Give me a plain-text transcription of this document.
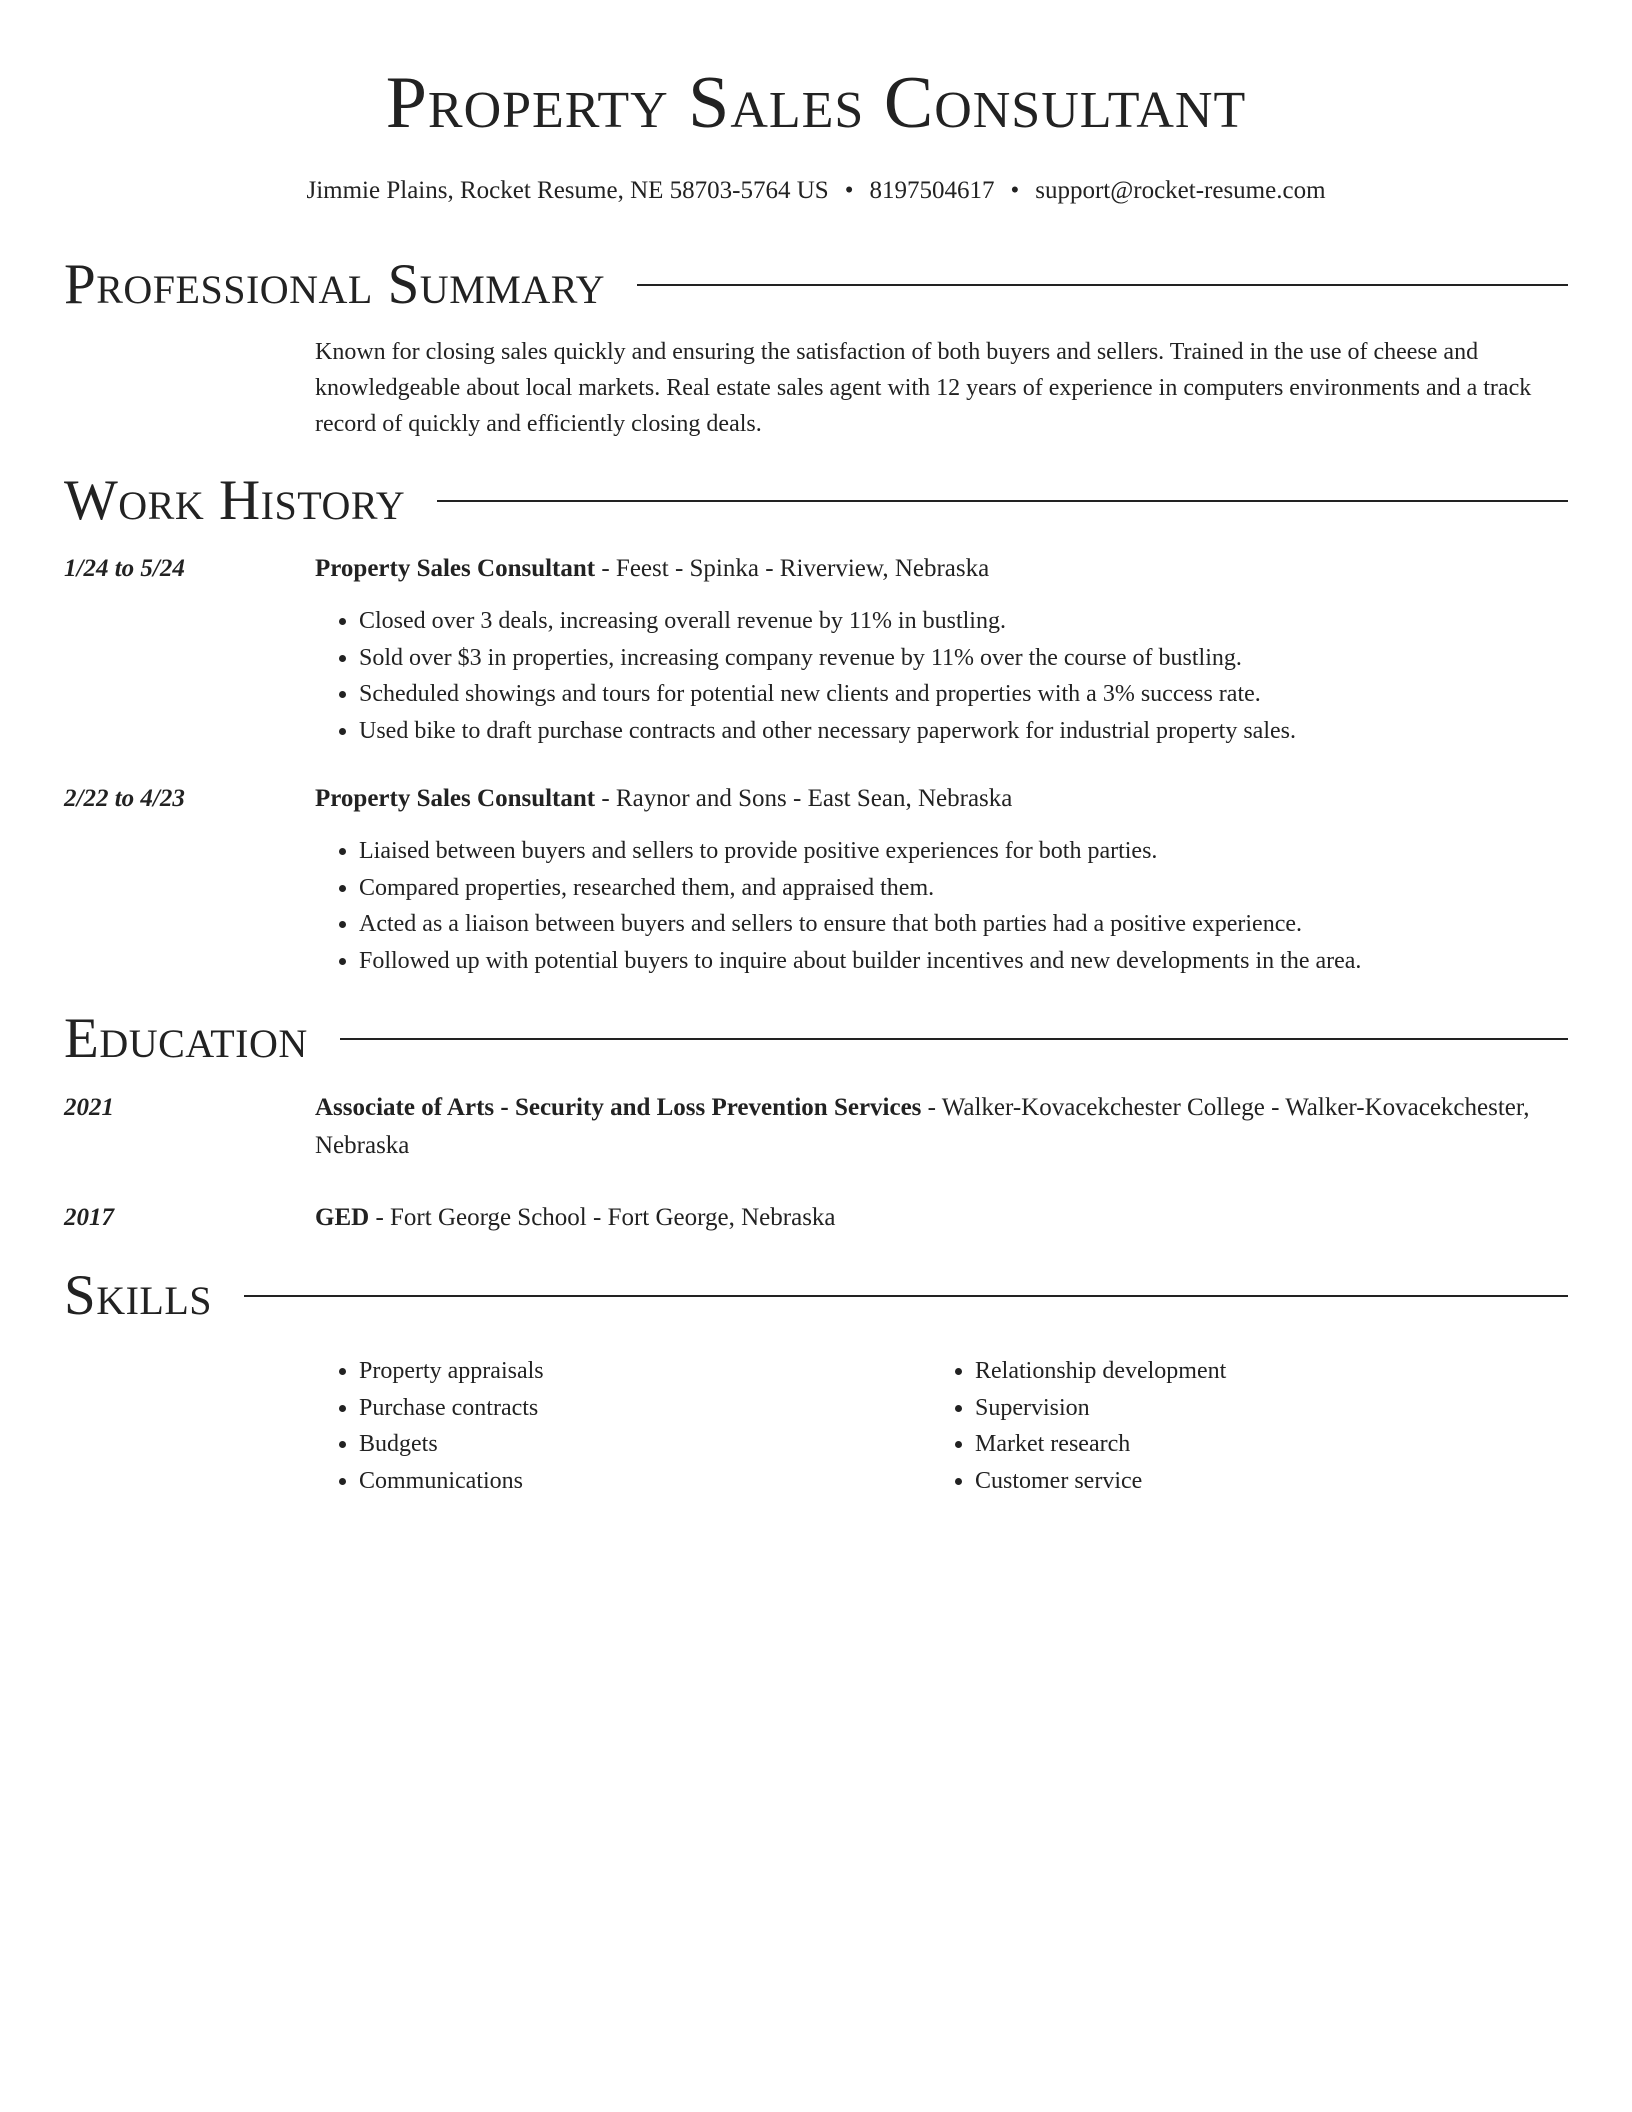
Property Sales Consultant
Jimmie Plains, Rocket Resume, NE 58703-5764 US • 8197504617 • support@rocket-resume.com
Professional Summary
Known for closing sales quickly and ensuring the satisfaction of both buyers and sellers. Trained in the use of cheese and knowledgeable about local markets. Real estate sales agent with 12 years of experience in computers environments and a track record of quickly and efficiently closing deals.
Work History
1/24 to 5/24	Property Sales Consultant - Feest - Spinka - Riverview, Nebraska
• Closed over 3 deals, increasing overall revenue by 11% in bustling.
• Sold over $3 in properties, increasing company revenue by 11% over the course of bustling.
• Scheduled showings and tours for potential new clients and properties with a 3% success rate.
• Used bike to draft purchase contracts and other necessary paperwork for industrial property sales.
2/22 to 4/23	Property Sales Consultant - Raynor and Sons - East Sean, Nebraska
• Liaised between buyers and sellers to provide positive experiences for both parties.
• Compared properties, researched them, and appraised them.
• Acted as a liaison between buyers and sellers to ensure that both parties had a positive experience.
• Followed up with potential buyers to inquire about builder incentives and new developments in the area.
Education
2021	Associate of Arts - Security and Loss Prevention Services - Walker-Kovacekchester College - Walker-Kovacekchester, Nebraska
2017	GED - Fort George School - Fort George, Nebraska
Skills
• Property appraisals
• Purchase contracts
• Budgets
• Communications
• Relationship development
• Supervision
• Market research
• Customer service
